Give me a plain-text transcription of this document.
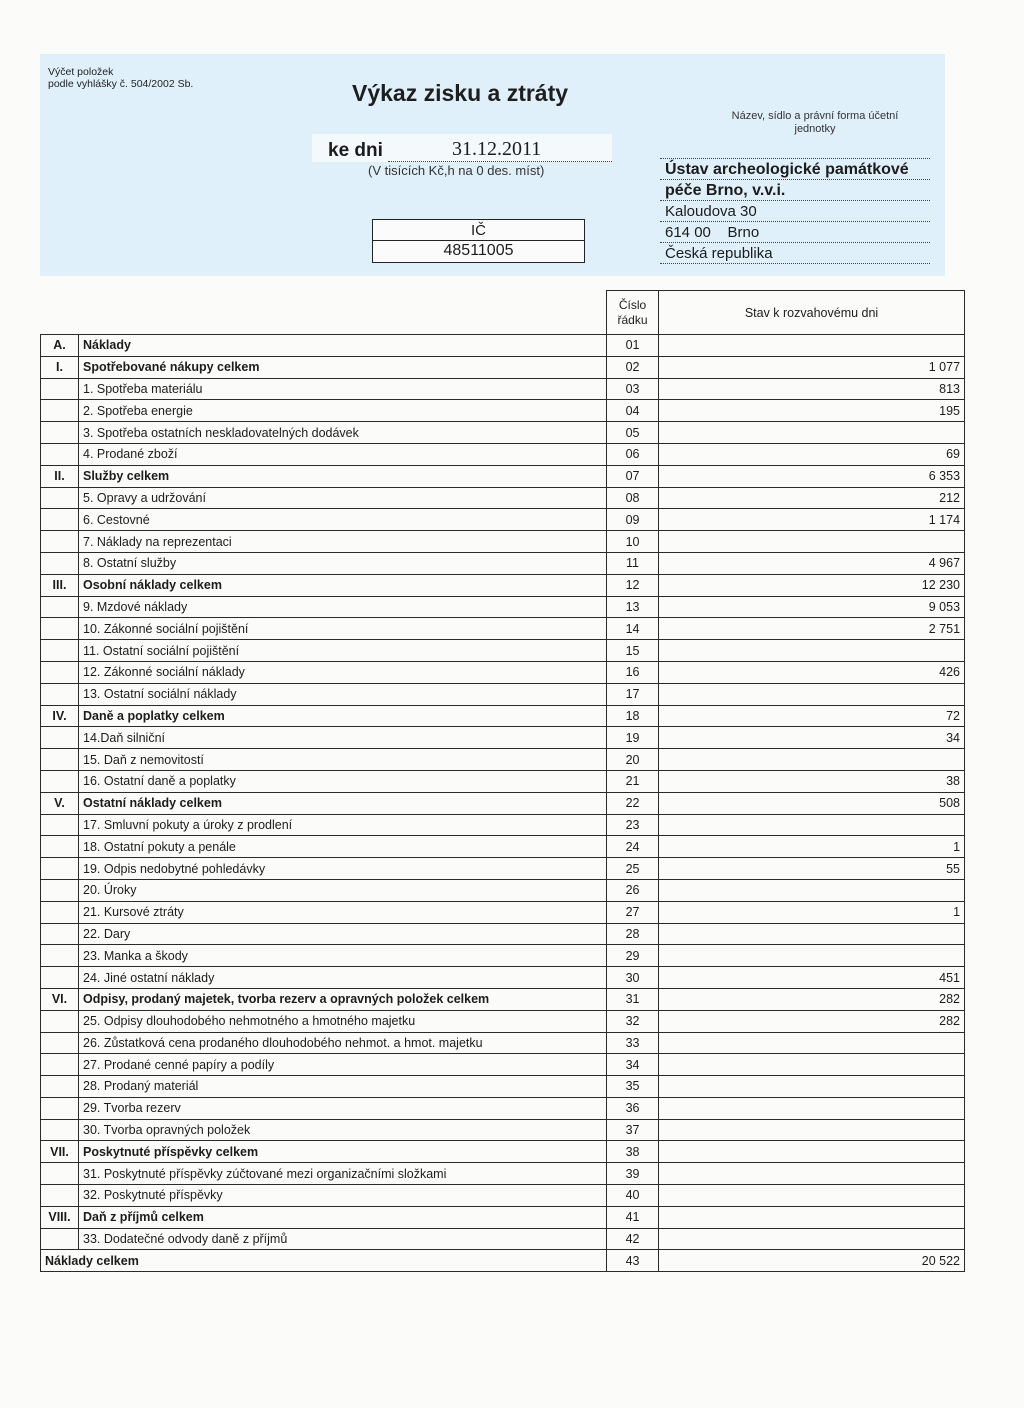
Výčet položek
podle vyhlášky č. 504/2002 Sb.	Výkaz zisku a ztráty
ke dni	31.12.2011
(V tisících Kč,h na 0 des. míst)
IČ
48511005
Název, sídlo a právní forma účetní jednotky
Ústav archeologické památkové
péče Brno, v.v.i.
Kaloudova 30
614 00    Brno
Česká republika
		Číslo řádku	Stav k rozvahovému dni
A.	Náklady	01	
I.	Spotřebované nákupy celkem	02	1 077
	1. Spotřeba materiálu	03	813
	2. Spotřeba energie	04	195
	3. Spotřeba ostatních neskladovatelných dodávek	05	
	4. Prodané zboží	06	69
II.	Služby celkem	07	6 353
	5. Opravy a udržování	08	212
	6. Cestovné	09	1 174
	7. Náklady na reprezentaci	10	
	8. Ostatní služby	11	4 967
III.	Osobní náklady celkem	12	12 230
	9. Mzdové náklady	13	9 053
	10. Zákonné sociální pojištění	14	2 751
	11. Ostatní sociální pojištění	15	
	12. Zákonné sociální náklady	16	426
	13. Ostatní sociální náklady	17	
IV.	Daně a poplatky celkem	18	72
	14.Daň silniční	19	34
	15. Daň z nemovitostí	20	
	16. Ostatní daně a poplatky	21	38
V.	Ostatní náklady celkem	22	508
	17. Smluvní pokuty a úroky z prodlení	23	
	18. Ostatní pokuty a penále	24	1
	19. Odpis nedobytné pohledávky	25	55
	20. Úroky	26	
	21. Kursové ztráty	27	1
	22. Dary	28	
	23. Manka a škody	29	
	24. Jiné ostatní náklady	30	451
VI.	Odpisy, prodaný majetek, tvorba rezerv a opravných položek celkem	31	282
	25. Odpisy dlouhodobého nehmotného a hmotného majetku	32	282
	26. Zůstatková cena prodaného dlouhodobého nehmot. a hmot. majetku	33	
	27. Prodané cenné papíry a podíly	34	
	28. Prodaný materiál	35	
	29. Tvorba rezerv	36	
	30. Tvorba opravných položek	37	
VII.	Poskytnuté příspěvky celkem	38	
	31. Poskytnuté příspěvky zúčtované mezi organizačními složkami	39	
	32. Poskytnuté příspěvky	40	
VIII.	Daň z příjmů celkem	41	
	33. Dodatečné odvody daně z příjmů	42	
Náklady celkem		43	20 522
